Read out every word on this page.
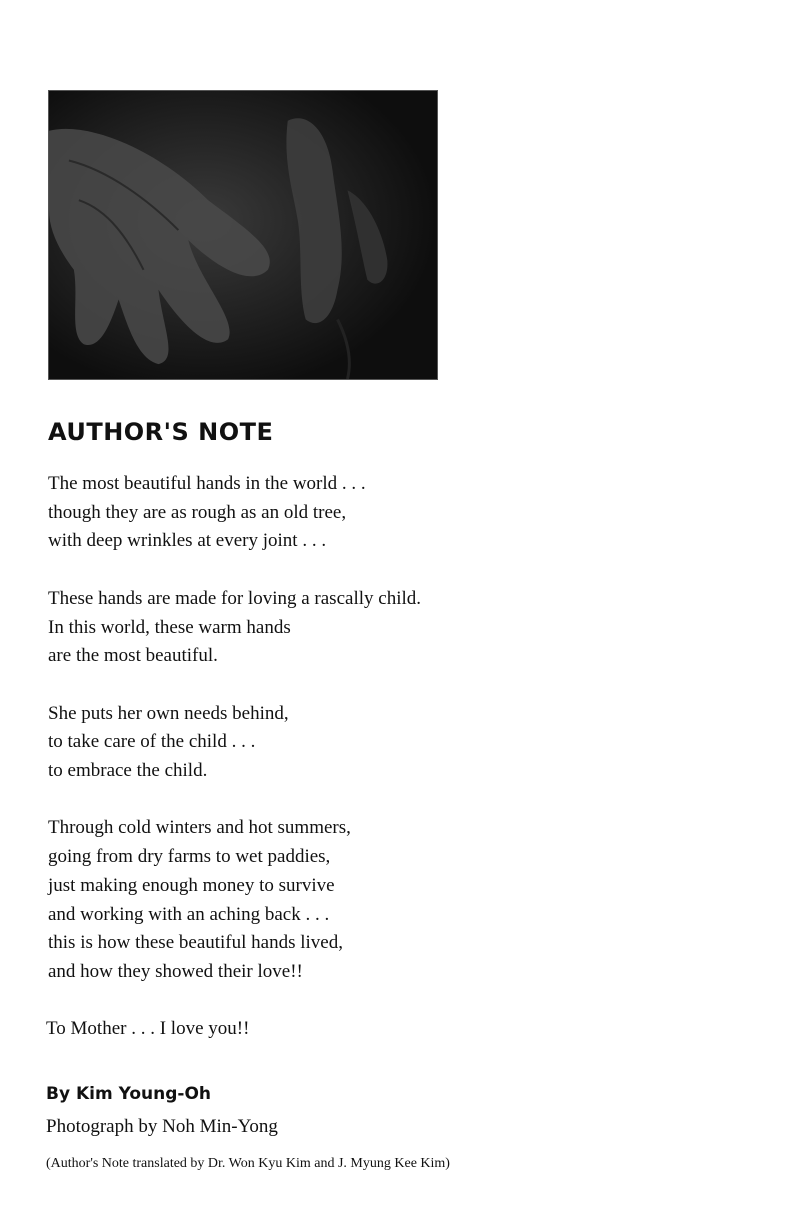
AUTHOR'S NOTE

The most beautiful hands in the world . . .
though they are as rough as an old tree,
with deep wrinkles at every joint . . .

These hands are made for loving a rascally child.
In this world, these warm hands
are the most beautiful.

She puts her own needs behind,
to take care of the child . . .
to embrace the child.

Through cold winters and hot summers,
going from dry farms to wet paddies,
just making enough money to survive
and working with an aching back . . .
this is how these beautiful hands lived,
and how they showed their love!!

To Mother . . . I love you!!

By Kim Young-Oh

Photograph by Noh Min-Yong

(Author's Note translated by Dr. Won Kyu Kim and J. Myung Kee Kim)
